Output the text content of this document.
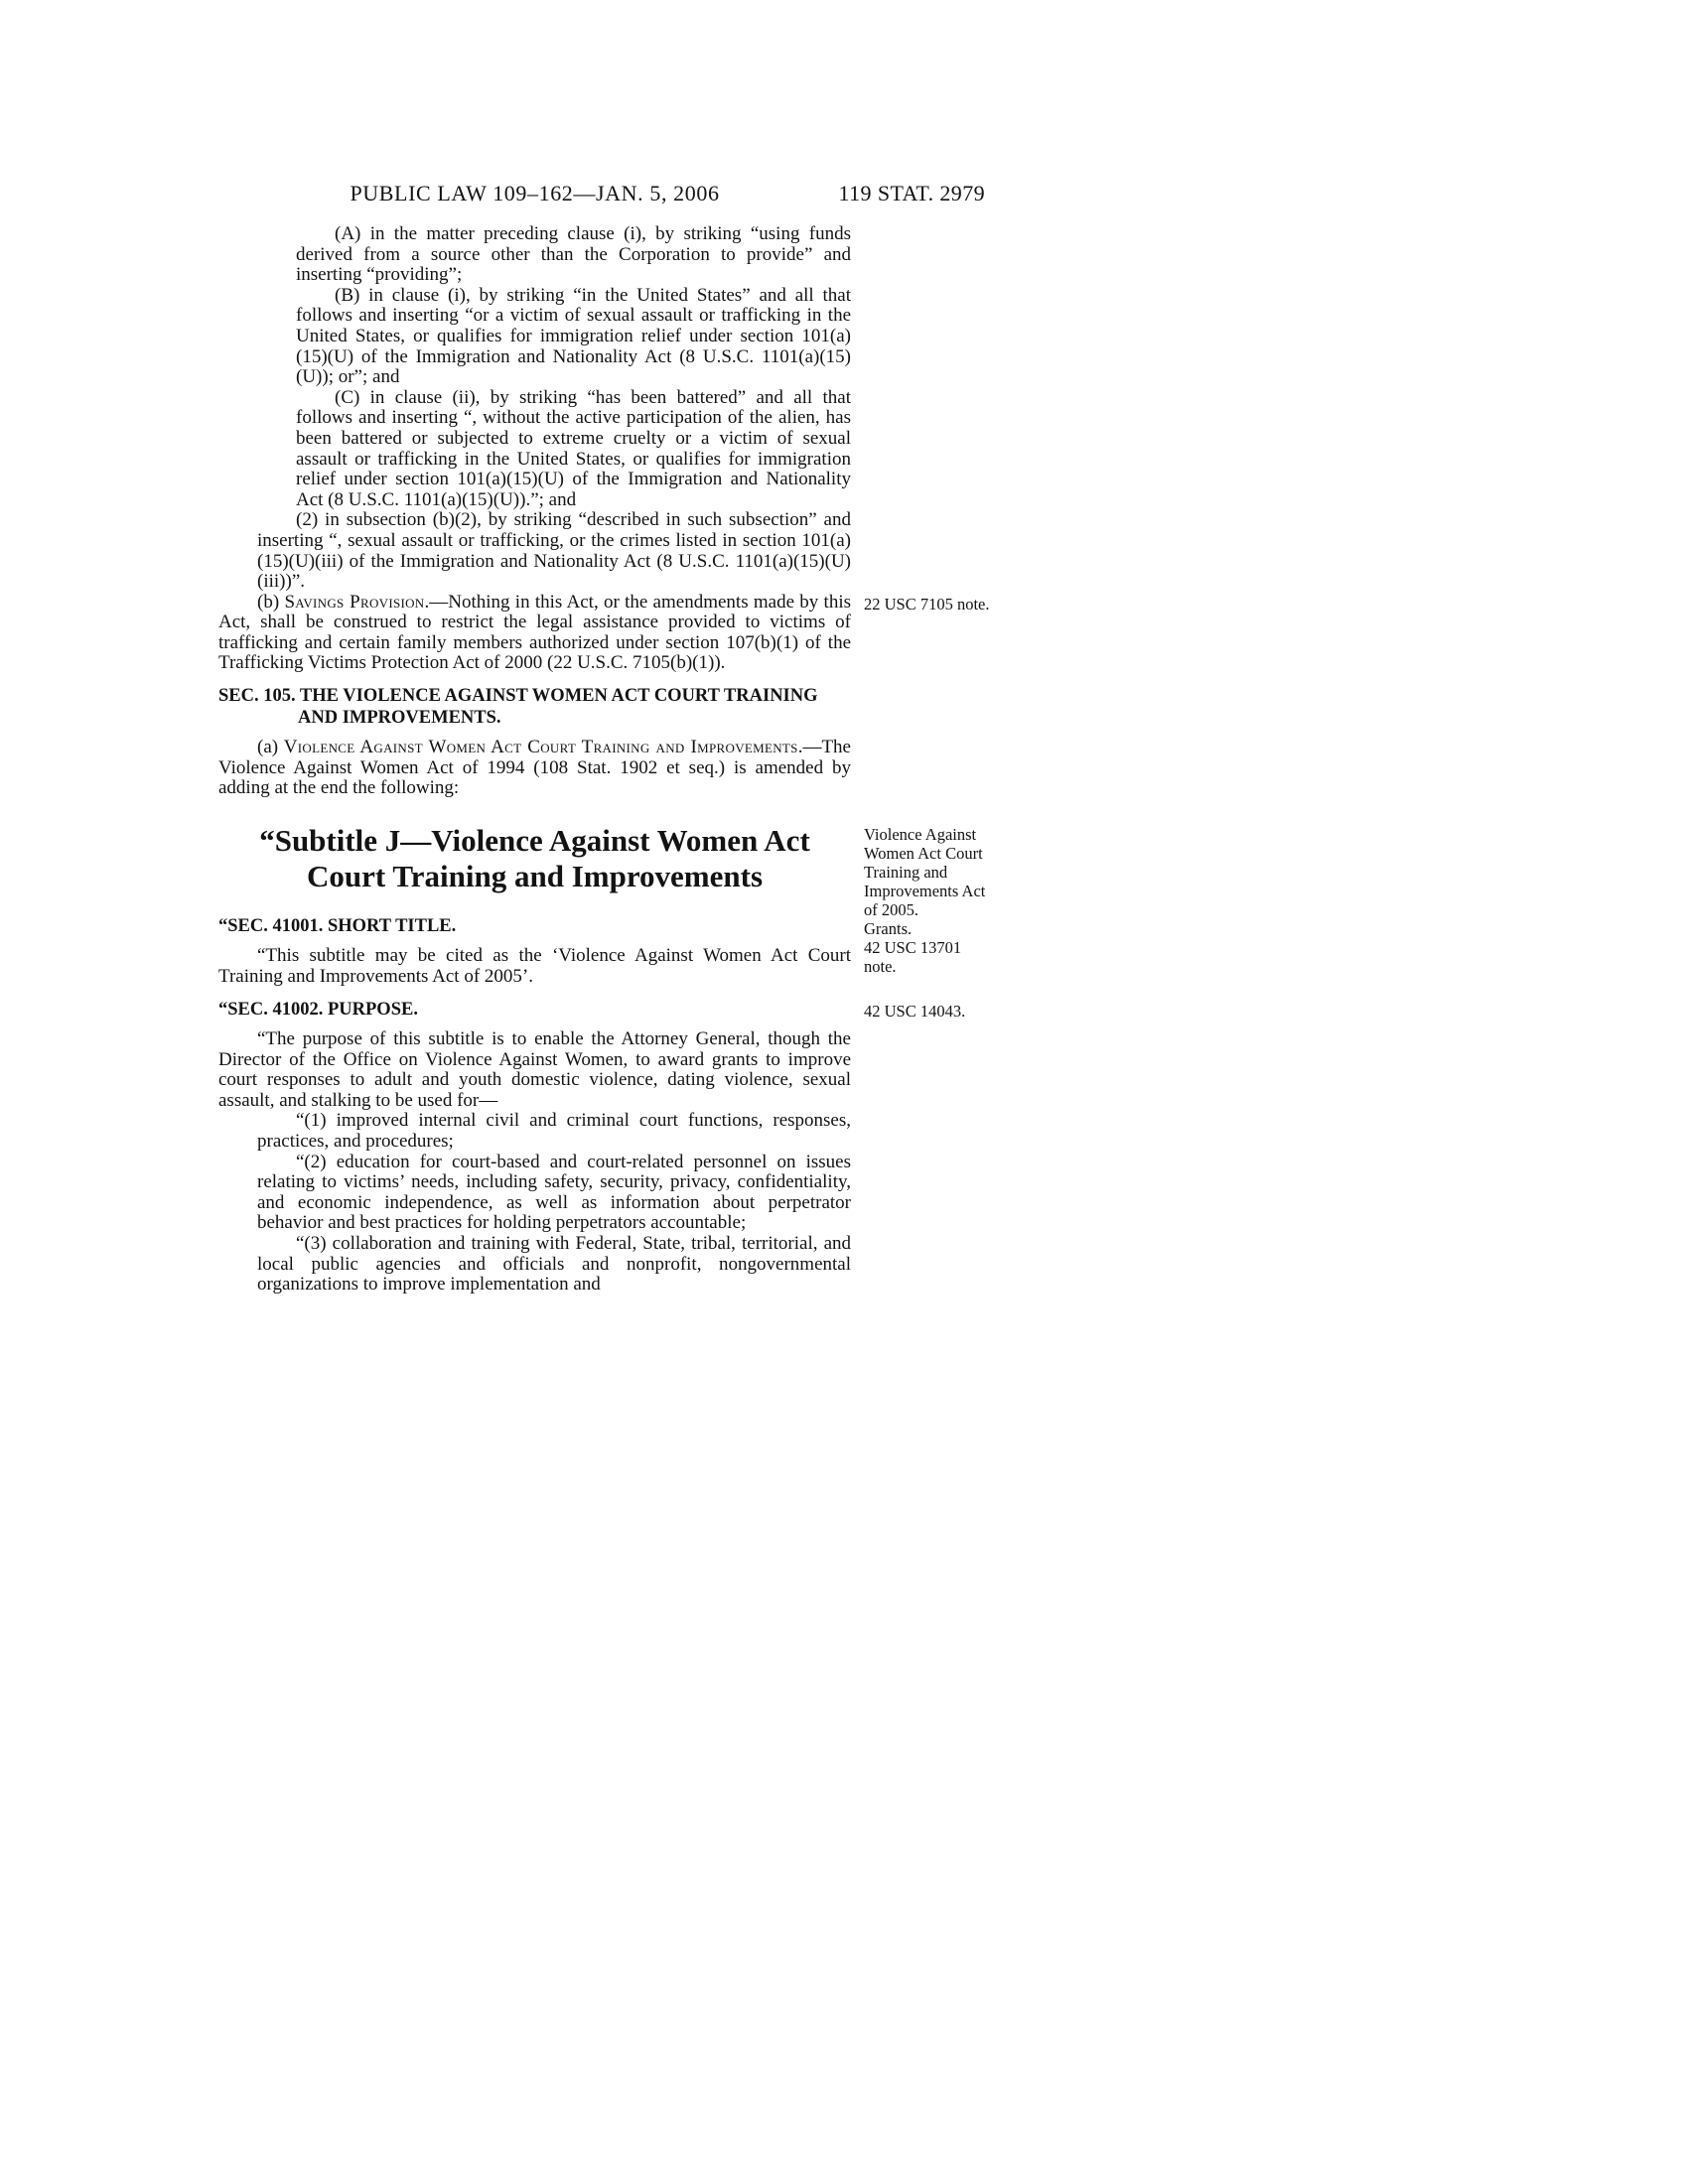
PUBLIC LAW 109–162—JAN. 5, 2006	119 STAT. 2979

(A) in the matter preceding clause (i), by striking “using funds derived from a source other than the Corporation to provide” and inserting “providing”;

(B) in clause (i), by striking “in the United States” and all that follows and inserting “or a victim of sexual assault or trafficking in the United States, or qualifies for immigration relief under section 101(a)(15)(U) of the Immigration and Nationality Act (8 U.S.C. 1101(a)(15)(U)); or”; and

(C) in clause (ii), by striking “has been battered” and all that follows and inserting “, without the active participation of the alien, has been battered or subjected to extreme cruelty or a victim of sexual assault or trafficking in the United States, or qualifies for immigration relief under section 101(a)(15)(U) of the Immigration and Nationality Act (8 U.S.C. 1101(a)(15)(U)).”; and

(2) in subsection (b)(2), by striking “described in such subsection” and inserting “, sexual assault or trafficking, or the crimes listed in section 101(a)(15)(U)(iii) of the Immigration and Nationality Act (8 U.S.C. 1101(a)(15)(U)(iii))”.

(b) Savings Provision.—Nothing in this Act, or the amendments made by this Act, shall be construed to restrict the legal assistance provided to victims of trafficking and certain family members authorized under section 107(b)(1) of the Trafficking Victims Protection Act of 2000 (22 U.S.C. 7105(b)(1)).
22 USC 7105 note.

SEC. 105. THE VIOLENCE AGAINST WOMEN ACT COURT TRAINING AND IMPROVEMENTS.

(a) Violence Against Women Act Court Training and Improvements.—The Violence Against Women Act of 1994 (108 Stat. 1902 et seq.) is amended by adding at the end the following:

“Subtitle J—Violence Against Women Act Court Training and Improvements
Violence Against Women Act Court Training and Improvements Act of 2005.
Grants.
42 USC 13701 note.
“SEC. 41001. SHORT TITLE.

“This subtitle may be cited as the ‘Violence Against Women Act Court Training and Improvements Act of 2005’.

“SEC. 41002. PURPOSE.	42 USC 14043.

“The purpose of this subtitle is to enable the Attorney General, though the Director of the Office on Violence Against Women, to award grants to improve court responses to adult and youth domestic violence, dating violence, sexual assault, and stalking to be used for—

“(1) improved internal civil and criminal court functions, responses, practices, and procedures;

“(2) education for court-based and court-related personnel on issues relating to victims’ needs, including safety, security, privacy, confidentiality, and economic independence, as well as information about perpetrator behavior and best practices for holding perpetrators accountable;

“(3) collaboration and training with Federal, State, tribal, territorial, and local public agencies and officials and nonprofit, nongovernmental organizations to improve implementation and
